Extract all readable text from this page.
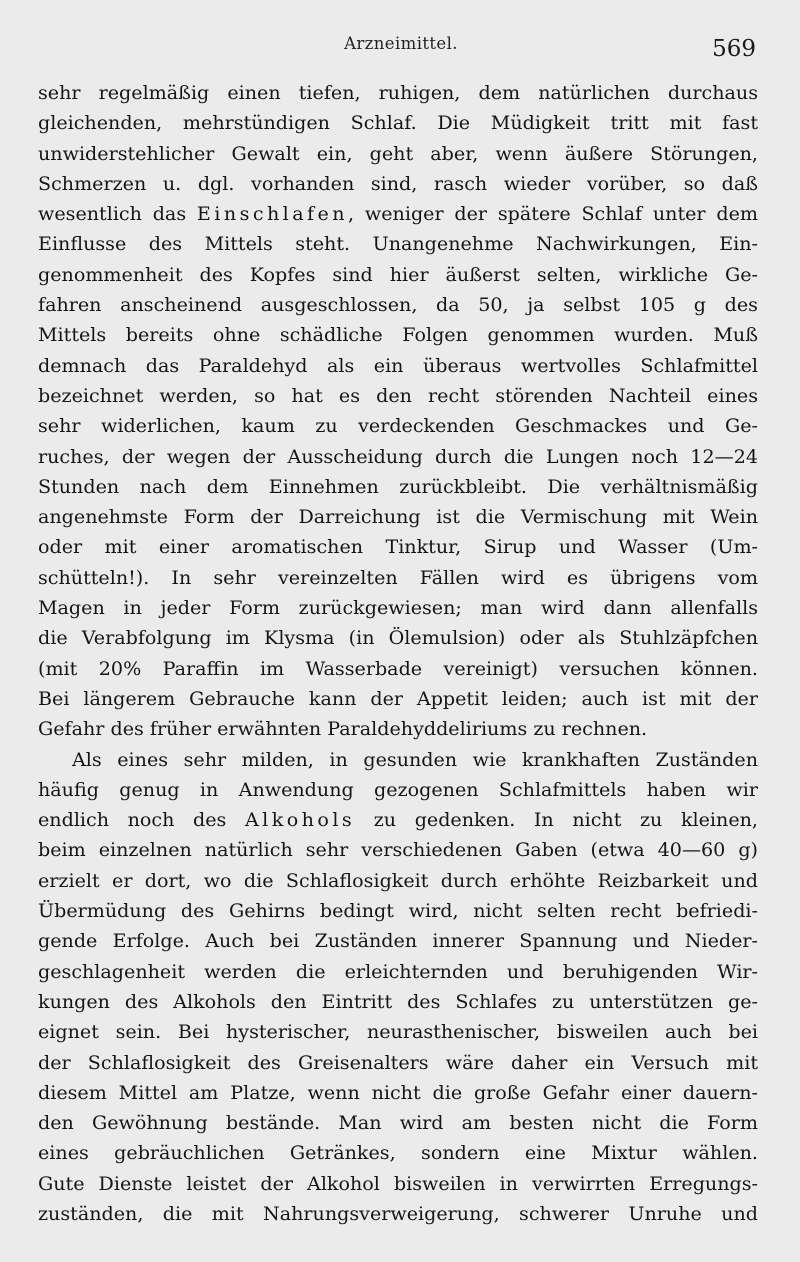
Arzneimittel.	569
sehr regelmäßig einen tiefen, ruhigen, dem natürlichen durchaus
gleichenden, mehrstündigen Schlaf. Die Müdigkeit tritt mit fast
unwiderstehlicher Gewalt ein, geht aber, wenn äußere Störungen,
Schmerzen u. dgl. vorhanden sind, rasch wieder vorüber, so daß
wesentlich das Einschlafen, weniger der spätere Schlaf unter dem
Einflusse des Mittels steht. Unangenehme Nachwirkungen, Ein-
genommenheit des Kopfes sind hier äußerst selten, wirkliche Ge-
fahren anscheinend ausgeschlossen, da 50, ja selbst 105 g des
Mittels bereits ohne schädliche Folgen genommen wurden. Muß
demnach das Paraldehyd als ein überaus wertvolles Schlafmittel
bezeichnet werden, so hat es den recht störenden Nachteil eines
sehr widerlichen, kaum zu verdeckenden Geschmackes und Ge-
ruches, der wegen der Ausscheidung durch die Lungen noch 12—24
Stunden nach dem Einnehmen zurückbleibt. Die verhältnismäßig
angenehmste Form der Darreichung ist die Vermischung mit Wein
oder mit einer aromatischen Tinktur, Sirup und Wasser (Um-
schütteln!). In sehr vereinzelten Fällen wird es übrigens vom
Magen in jeder Form zurückgewiesen; man wird dann allenfalls
die Verabfolgung im Klysma (in Ölemulsion) oder als Stuhlzäpfchen
(mit 20% Paraffin im Wasserbade vereinigt) versuchen können.
Bei längerem Gebrauche kann der Appetit leiden; auch ist mit der
Gefahr des früher erwähnten Paraldehyddeliriums zu rechnen.
Als eines sehr milden, in gesunden wie krankhaften Zuständen
häufig genug in Anwendung gezogenen Schlafmittels haben wir
endlich noch des Alkohols zu gedenken. In nicht zu kleinen,
beim einzelnen natürlich sehr verschiedenen Gaben (etwa 40—60 g)
erzielt er dort, wo die Schlaflosigkeit durch erhöhte Reizbarkeit und
Übermüdung des Gehirns bedingt wird, nicht selten recht befriedi-
gende Erfolge. Auch bei Zuständen innerer Spannung und Nieder-
geschlagenheit werden die erleichternden und beruhigenden Wir-
kungen des Alkohols den Eintritt des Schlafes zu unterstützen ge-
eignet sein. Bei hysterischer, neurasthenischer, bisweilen auch bei
der Schlaflosigkeit des Greisenalters wäre daher ein Versuch mit
diesem Mittel am Platze, wenn nicht die große Gefahr einer dauern-
den Gewöhnung bestände. Man wird am besten nicht die Form
eines gebräuchlichen Getränkes, sondern eine Mixtur wählen.
Gute Dienste leistet der Alkohol bisweilen in verwirrten Erregungs-
zuständen, die mit Nahrungsverweigerung, schwerer Unruhe und
